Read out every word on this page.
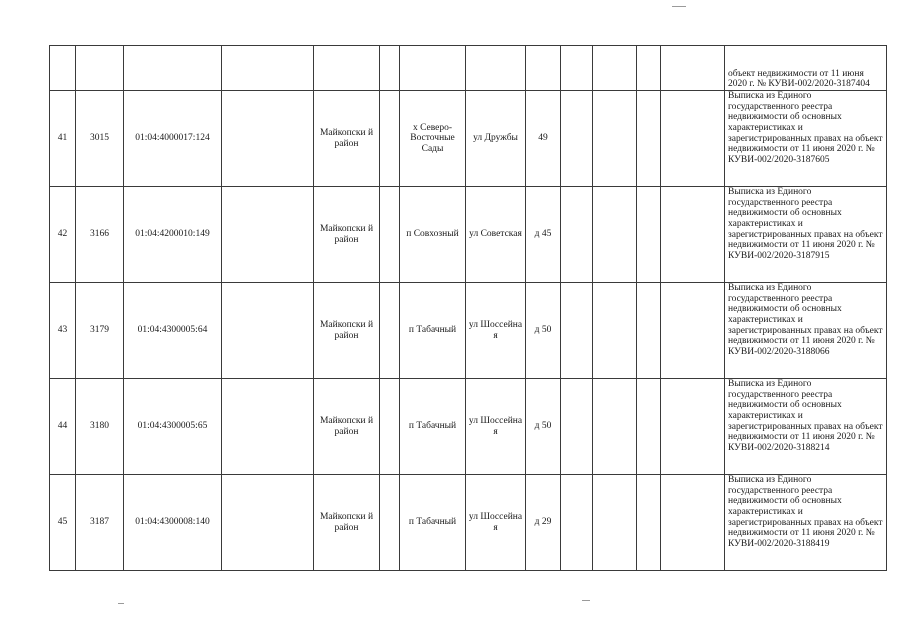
													объект недвижимости от 11 июня 2020 г. № КУВИ-002/2020-3187404
41	3015	01:04:4000017:124		Майкопски й район		х Северо-Восточные Сады	ул Дружбы	49					Выписка из Единого государственного реестра недвижимости об основных характеристиках и зарегистрированных правах на объект недвижимости от 11 июня 2020 г. № КУВИ-002/2020-3187605
42	3166	01:04:4200010:149		Майкопски й район		п Совхозный	ул Советская	д 45					Выписка из Единого государственного реестра недвижимости об основных характеристиках и зарегистрированных правах на объект недвижимости от 11 июня 2020 г. № КУВИ-002/2020-3187915
43	3179	01:04:4300005:64		Майкопски й район		п Табачный	ул Шоссейна я	д 50					Выписка из Единого государственного реестра недвижимости об основных характеристиках и зарегистрированных правах на объект недвижимости от 11 июня 2020 г. № КУВИ-002/2020-3188066
44	3180	01:04:4300005:65		Майкопски й район		п Табачный	ул Шоссейна я	д 50					Выписка из Единого государственного реестра недвижимости об основных характеристиках и зарегистрированных правах на объект недвижимости от 11 июня 2020 г. № КУВИ-002/2020-3188214
45	3187	01:04:4300008:140		Майкопски й район		п Табачный	ул Шоссейна я	д 29					Выписка из Единого государственного реестра недвижимости об основных характеристиках и зарегистрированных правах на объект недвижимости от 11 июня 2020 г. № КУВИ-002/2020-3188419
